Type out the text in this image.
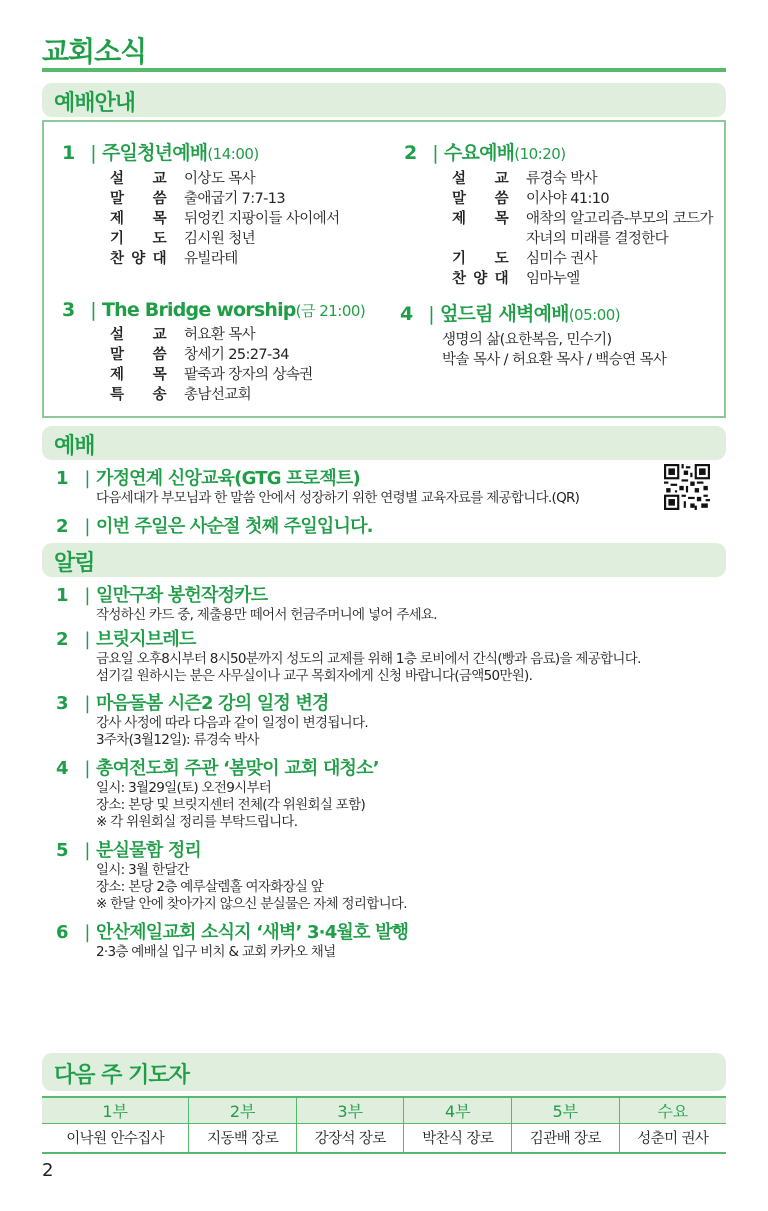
교회소식
예배안내
1 | 주일청년예배(14:00)
설 교 이상도 목사
말 씀 출애굽기 7:7-13
제 목 뒤엉킨 지팡이들 사이에서
기 도 김시원 청년
찬 양 대 유빌라테
2 | 수요예배(10:20)
설 교 류경숙 박사
말 씀 이사야 41:10
제 목 애착의 알고리즘-부모의 코드가
자녀의 미래를 결정한다
기 도 심미수 권사
찬 양 대 임마누엘
3 | The Bridge worship(금 21:00)
설 교 허요환 목사
말 씀 창세기 25:27-34
제 목 팥죽과 장자의 상속권
특 송 총남선교회
4 | 엎드림 새벽예배(05:00)
생명의 삶(요한복음, 민수기)
박솔 목사 / 허요환 목사 / 백승연 목사
예배
1 | 가정연계 신앙교육(GTG 프로젝트)
다음세대가 부모님과 한 말씀 안에서 성장하기 위한 연령별 교육자료를 제공합니다.(QR)
2 | 이번 주일은 사순절 첫째 주일입니다.
알림
1 | 일만구좌 봉헌작정카드
작성하신 카드 중, 제출용만 떼어서 헌금주머니에 넣어 주세요.
2 | 브릿지브레드
금요일 오후8시부터 8시50분까지 성도의 교제를 위해 1층 로비에서 간식(빵과 음료)을 제공합니다.
섬기길 원하시는 분은 사무실이나 교구 목회자에게 신청 바랍니다(금액50만원).
3 | 마음돌봄 시즌2 강의 일정 변경
강사 사정에 따라 다음과 같이 일정이 변경됩니다.
3주차(3월12일): 류경숙 박사
4 | 총여전도회 주관 ‘봄맞이 교회 대청소’
일시: 3월29일(토) 오전9시부터
장소: 본당 및 브릿지센터 전체(각 위원회실 포함)
※ 각 위원회실 정리를 부탁드립니다.
5 | 분실물함 정리
일시: 3월 한달간
장소: 본당 2층 예루살렘홀 여자화장실 앞
※ 한달 안에 찾아가지 않으신 분실물은 자체 정리합니다.
6 | 안산제일교회 소식지 ‘새벽’ 3·4월호 발행
2·3층 예배실 입구 비치 & 교회 카카오 채널
다음 주 기도자
1부	2부	3부	4부	5부	수요
이낙원 안수집사	지동백 장로	강장석 장로	박찬식 장로	김관배 장로	성춘미 권사
2
